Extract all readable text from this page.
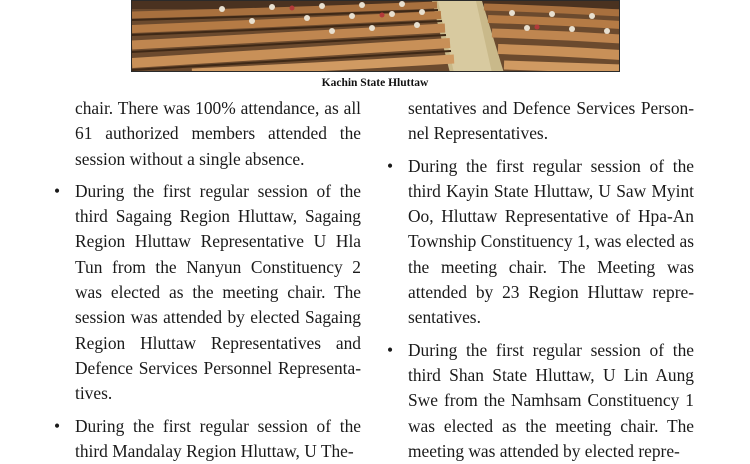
Kachin State Hluttaw

chair. There was 100% attendance, as all 61 authorized members attended the session without a single absence.

• During the first regular session of the third Sagaing Region Hluttaw, Sagaing Region Hluttaw Representative U Hla Tun from the Nanyun Constituency 2 was elected as the meeting chair. The session was attended by elected Sagaing Region Hluttaw Representatives and Defence Services Personnel Representa-tives.
• During the first regular session of the third Mandalay Region Hluttaw, U The-

sentatives and Defence Services Person-nel Representatives.

• During the first regular session of the third Kayin State Hluttaw, U Saw Myint Oo, Hluttaw Representative of Hpa-An Township Constituency 1, was elected as the meeting chair. The Meeting was attended by 23 Region Hluttaw repre-sentatives.
• During the first regular session of the third Shan State Hluttaw, U Lin Aung Swe from the Namhsam Constituency 1 was elected as the meeting chair. The meeting was attended by elected repre-
